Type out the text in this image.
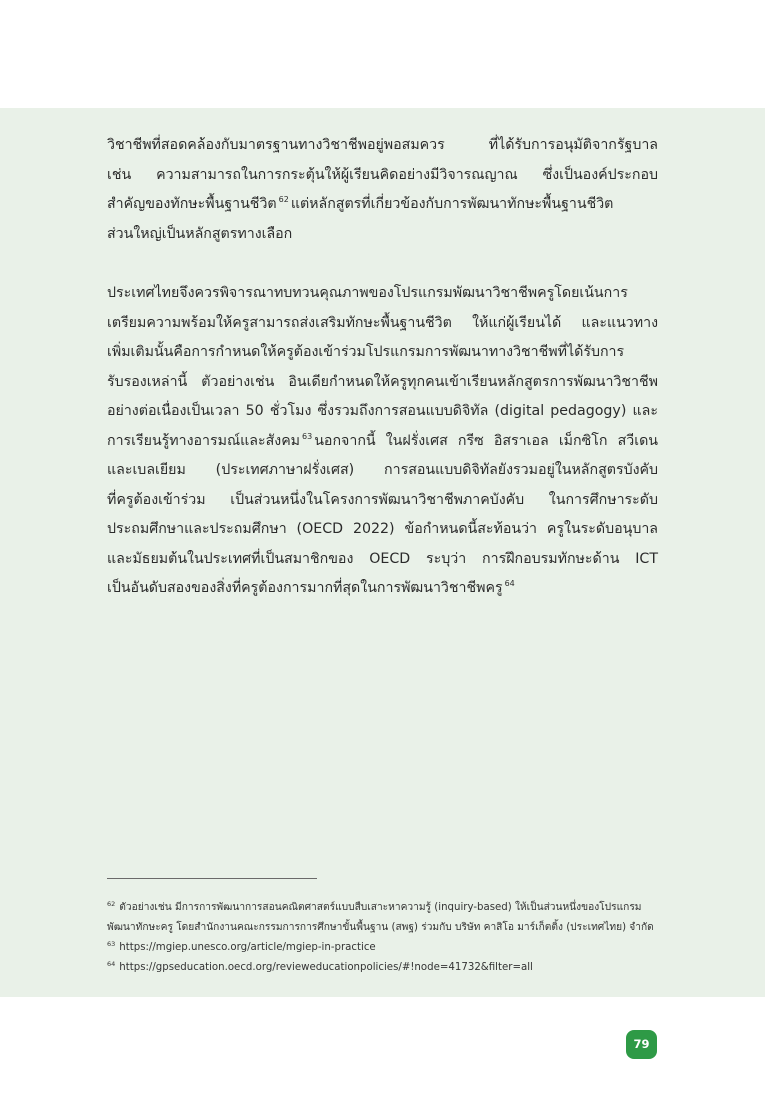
วิชาชีพที่สอดคล้องกับมาตรฐานทางวิชาชีพอยู่พอสมควร ที่ได้รับการอนุมัติจากรัฐบาล
เช่น ความสามารถในการกระตุ้นให้ผู้เรียนคิดอย่างมีวิจารณญาณ ซึ่งเป็นองค์ประกอบ
สำคัญของทักษะพื้นฐานชีวิต $^{62}$ แต่หลักสูตรที่เกี่ยวข้องกับการพัฒนาทักษะพื้นฐานชีวิต
ส่วนใหญ่เป็นหลักสูตรทางเลือก
ประเทศไทยจึงควรพิจารณาทบทวนคุณภาพของโปรแกรมพัฒนาวิชาชีพครูโดยเน้นการ
เตรียมความพร้อมให้ครูสามารถส่งเสริมทักษะพื้นฐานชีวิต ให้แก่ผู้เรียนได้ และแนวทาง
เพิ่มเติมนั้นคือการกำหนดให้ครูต้องเข้าร่วมโปรแกรมการพัฒนาทางวิชาชีพที่ได้รับการ
รับรองเหล่านี้ ตัวอย่างเช่น อินเดียกำหนดให้ครูทุกคนเข้าเรียนหลักสูตรการพัฒนาวิชาชีพ
อย่างต่อเนื่องเป็นเวลา 50 ชั่วโมง ซึ่งรวมถึงการสอนแบบดิจิทัล (digital pedagogy) และ
การเรียนรู้ทางอารมณ์และสังคม $^{63}$ นอกจากนี้ ในฝรั่งเศส กรีซ อิสราเอล เม็กซิโก สวีเดน
และเบลเยียม (ประเทศภาษาฝรั่งเศส) การสอนแบบดิจิทัลยังรวมอยู่ในหลักสูตรบังคับ
ที่ครูต้องเข้าร่วม เป็นส่วนหนึ่งในโครงการพัฒนาวิชาชีพภาคบังคับ ในการศึกษาระดับ
ประถมศึกษาและประถมศึกษา (OECD 2022) ข้อกำหนดนี้สะท้อนว่า ครูในระดับอนุบาล
และมัธยมต้นในประเทศที่เป็นสมาชิกของ OECD ระบุว่า การฝึกอบรมทักษะด้าน ICT
เป็นอันดับสองของสิ่งที่ครูต้องการมากที่สุดในการพัฒนาวิชาชีพครู $^{64}$
$^{62}$ ตัวอย่างเช่น มีการการพัฒนาการสอนคณิตศาสตร์แบบสืบเสาะหาความรู้ (inquiry-based) ให้เป็นส่วนหนึ่งของโปรแกรม
พัฒนาทักษะครู โดยสำนักงานคณะกรรมการการศึกษาขั้นพื้นฐาน (สพฐ) ร่วมกับ บริษัท คาสิโอ มาร์เก็ตติ้ง (ประเทศไทย) จำกัด
$^{63}$ https://mgiep.unesco.org/article/mgiep-in-practice
$^{64}$ https://gpseducation.oecd.org/revieweducationpolicies/#!node=41732&filter=all
79
